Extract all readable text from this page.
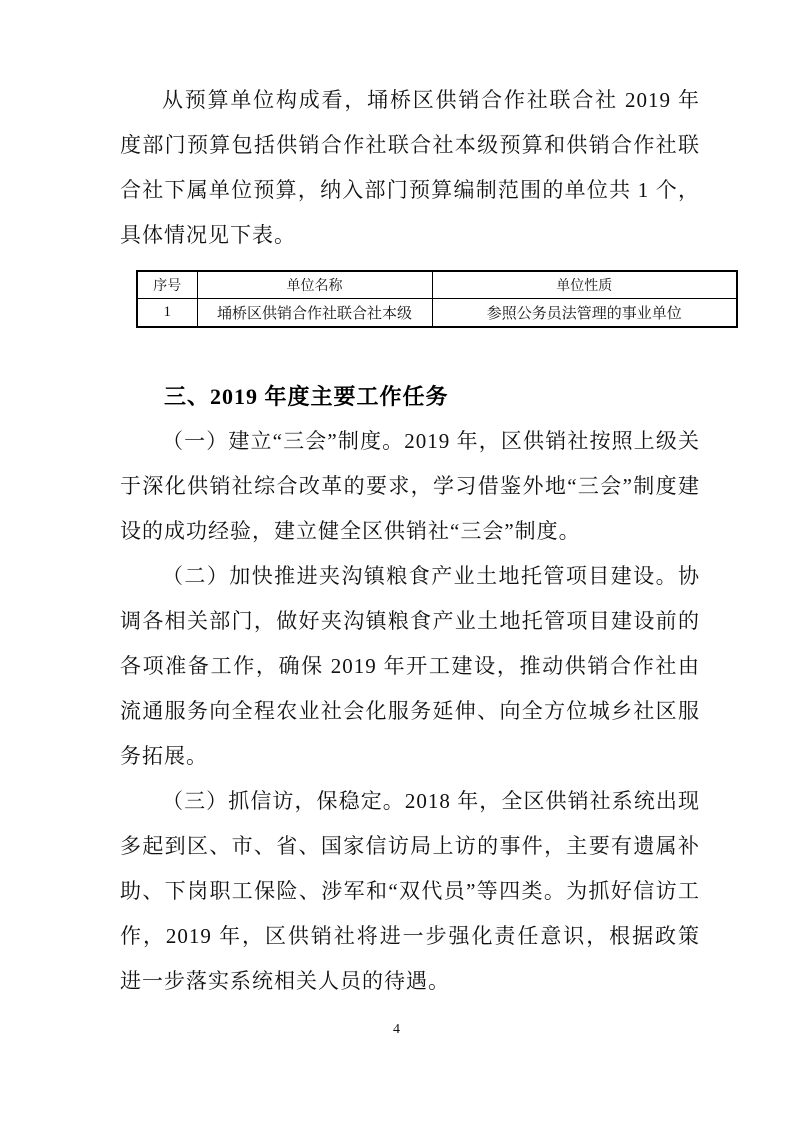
从预算单位构成看，埇桥区供销合作社联合社 2019 年度部门预算包括供销合作社联合社本级预算和供销合作社联合社下属单位预算，纳入部门预算编制范围的单位共 1 个，具体情况见下表。

序号	单位名称	单位性质
1	埇桥区供销合作社联合社本级	参照公务员法管理的事业单位
三、2019 年度主要工作任务

（一）建立“三会”制度。2019 年，区供销社按照上级关于深化供销社综合改革的要求，学习借鉴外地“三会”制度建设的成功经验，建立健全区供销社“三会”制度。

（二）加快推进夹沟镇粮食产业土地托管项目建设。协调各相关部门，做好夹沟镇粮食产业土地托管项目建设前的各项准备工作，确保 2019 年开工建设，推动供销合作社由流通服务向全程农业社会化服务延伸、向全方位城乡社区服务拓展。

（三）抓信访，保稳定。2018 年，全区供销社系统出现多起到区、市、省、国家信访局上访的事件，主要有遗属补助、下岗职工保险、涉军和“双代员”等四类。为抓好信访工作，2019 年，区供销社将进一步强化责任意识，根据政策进一步落实系统相关人员的待遇。

4
